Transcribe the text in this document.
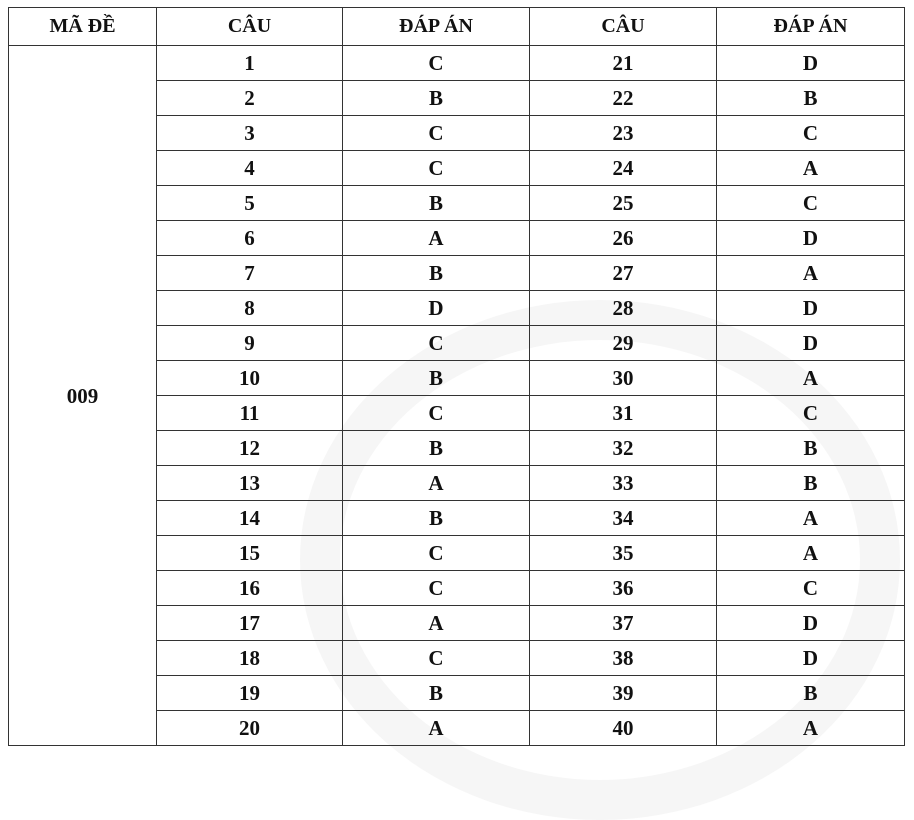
MÃ ĐỀ	CÂU	ĐÁP ÁN	CÂU	ĐÁP ÁN
009	1	C	21	D
	2	B	22	B
	3	C	23	C
	4	C	24	A
	5	B	25	C
	6	A	26	D
	7	B	27	A
	8	D	28	D
	9	C	29	D
	10	B	30	A
	11	C	31	C
	12	B	32	B
	13	A	33	B
	14	B	34	A
	15	C	35	A
	16	C	36	C
	17	A	37	D
	18	C	38	D
	19	B	39	B
	20	A	40	A
